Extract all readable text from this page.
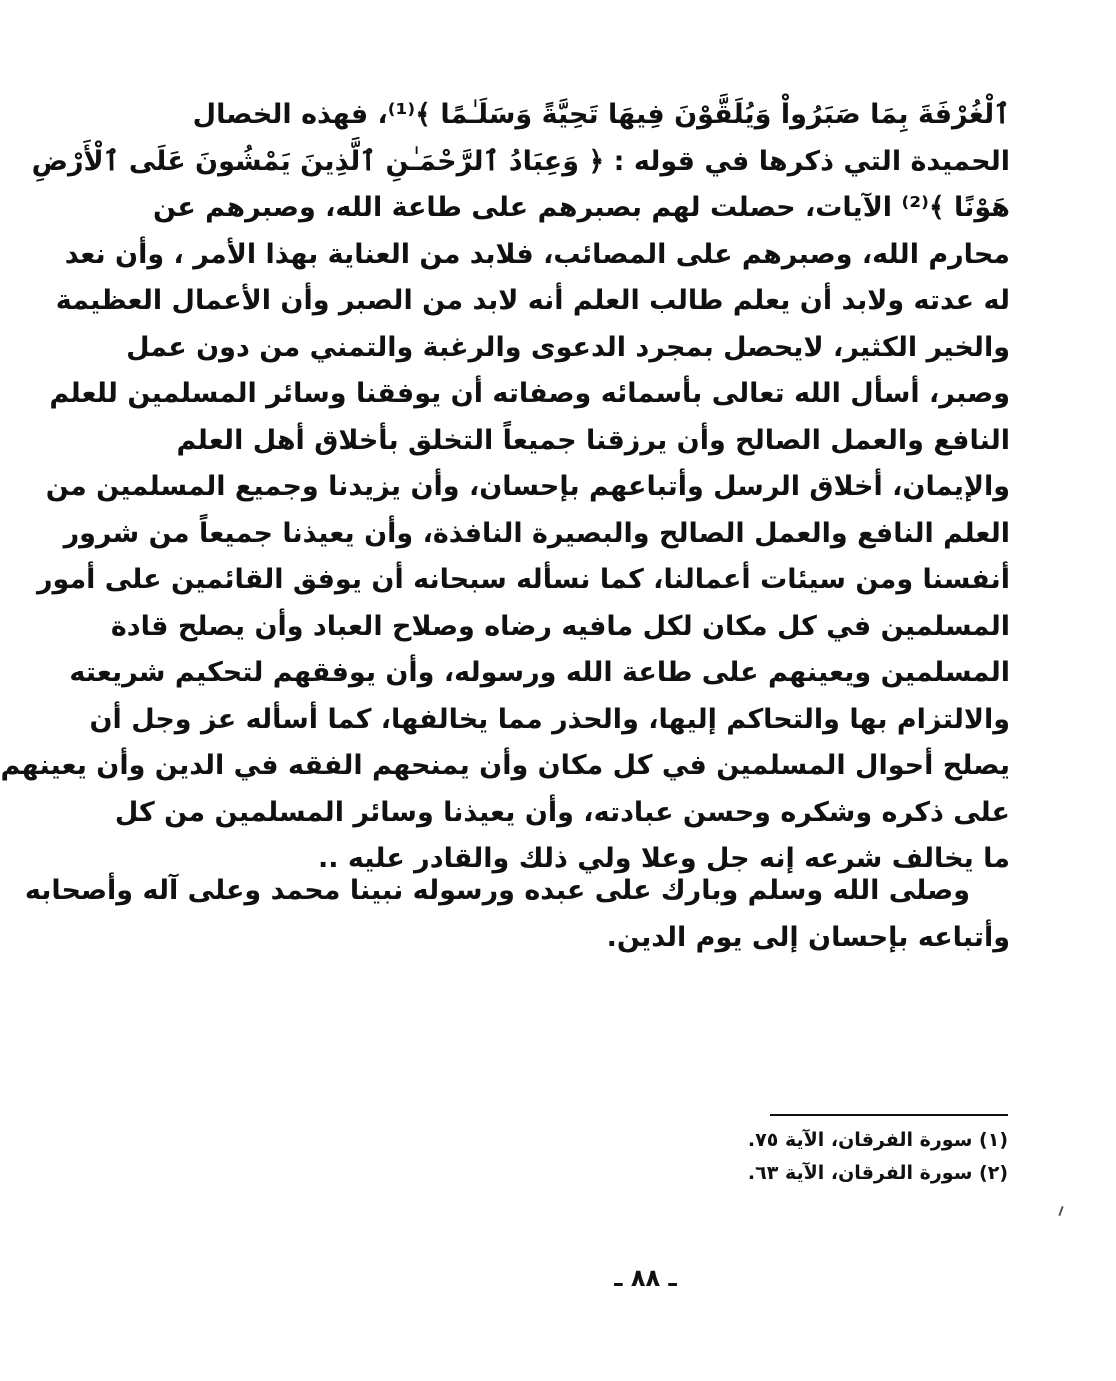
ٱلْغُرْفَةَ بِمَا صَبَرُواْ وَيُلَقَّوْنَ فِيهَا تَحِيَّةً وَسَلَـٰمًا ﴾⁽¹⁾، فهذه الخصال
الحميدة التي ذكرها في قوله : ﴿ وَعِبَادُ ٱلرَّحْمَـٰنِ ٱلَّذِينَ يَمْشُونَ عَلَى ٱلْأَرْضِ
هَوْنًا ﴾⁽²⁾ الآيات، حصلت لهم بصبرهم على طاعة الله، وصبرهم عن
محارم الله، وصبرهم على المصائب، فلابد من العناية بهذا الأمر ، وأن نعد
له عدته ولابد أن يعلم طالب العلم أنه لابد من الصبر وأن الأعمال العظيمة
والخير الكثير، لايحصل بمجرد الدعوى والرغبة والتمني من دون عمل
وصبر، أسأل الله تعالى بأسمائه وصفاته أن يوفقنا وسائر المسلمين للعلم
النافع والعمل الصالح وأن يرزقنا جميعاً التخلق بأخلاق أهل العلم
والإيمان، أخلاق الرسل وأتباعهم بإحسان، وأن يزيدنا وجميع المسلمين من
العلم النافع والعمل الصالح والبصيرة النافذة، وأن يعيذنا جميعاً من شرور
أنفسنا ومن سيئات أعمالنا، كما نسأله سبحانه أن يوفق القائمين على أمور
المسلمين في كل مكان لكل مافيه رضاه وصلاح العباد وأن يصلح قادة
المسلمين ويعينهم على طاعة الله ورسوله، وأن يوفقهم لتحكيم شريعته
والالتزام بها والتحاكم إليها، والحذر مما يخالفها، كما أسأله عز وجل أن
يصلح أحوال المسلمين في كل مكان وأن يمنحهم الفقه في الدين وأن يعينهم
على ذكره وشكره وحسن عبادته، وأن يعيذنا وسائر المسلمين من كل
ما يخالف شرعه إنه جل وعلا ولي ذلك والقادر عليه ..
وصلى الله وسلم وبارك على عبده ورسوله نبينا محمد وعلى آله وأصحابه
وأتباعه بإحسان إلى يوم الدين.
(١) سورة الفرقان، الآية ٧٥.
(٢) سورة الفرقان، الآية ٦٣.
ـ ٨٨ ـ
